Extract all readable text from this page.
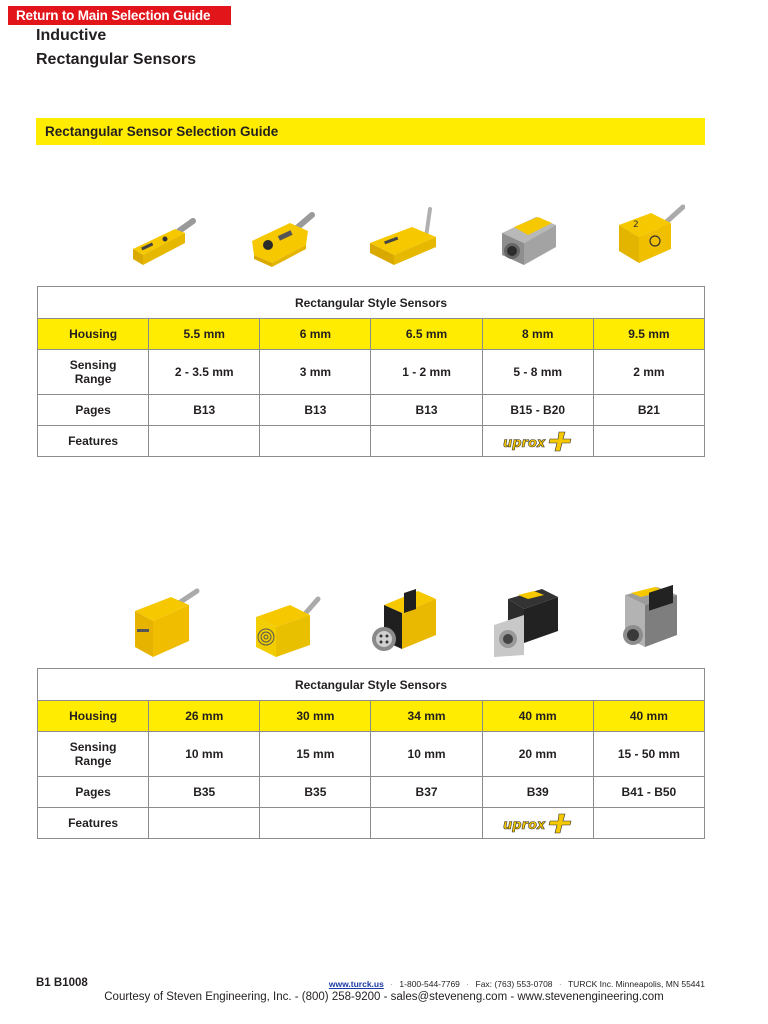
Return to Main Selection Guide
Inductive
Rectangular Sensors
Rectangular Sensor Selection Guide
2
Rectangular Style Sensors					
Housing	5.5 mm	6 mm	6.5 mm	8 mm	9.5 mm
Sensing
Range	2 - 3.5 mm	3 mm	1 - 2 mm	5 - 8 mm	2 mm
Pages	B13	B13	B13	B15 - B20	B21
Features				uprox	

Rectangular Style Sensors					
Housing	26 mm	30 mm	34 mm	40 mm	40 mm
Sensing
Range	10 mm	15 mm	10 mm	20 mm	15 - 50 mm
Pages	B35	B35	B37	B39	B41 - B50
Features				uprox	

B1 B1008	www.turck.us · 1-800-544-7769 · Fax: (763) 553-0708 · TURCK Inc. Minneapolis, MN 55441
Courtesy of Steven Engineering, Inc. - (800) 258-9200 - sales@steveneng.com - www.stevenengineering.com
